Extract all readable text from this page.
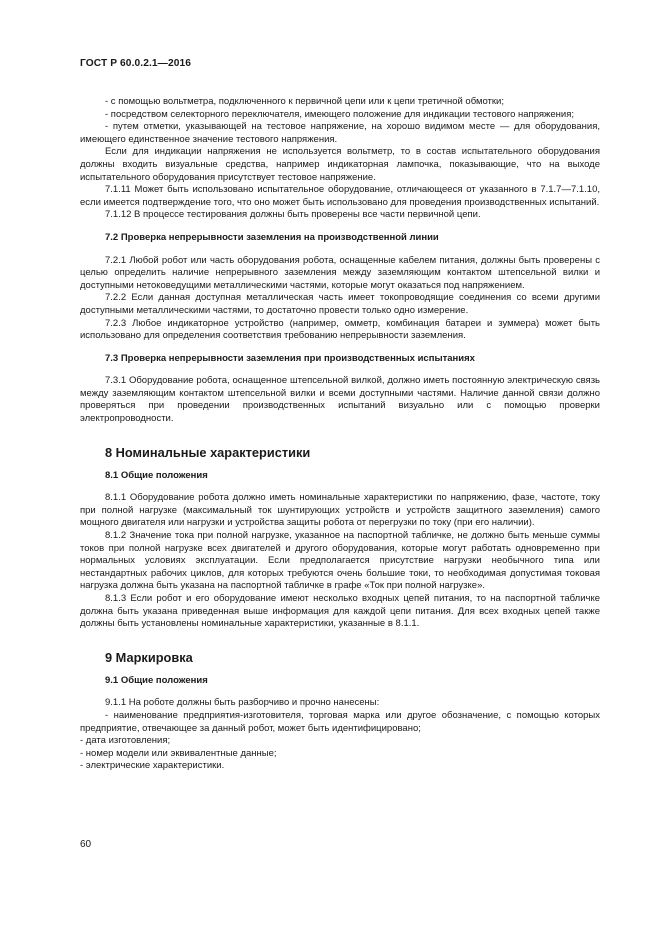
ГОСТ Р 60.0.2.1—2016

- с помощью вольтметра, подключенного к первичной цепи или к цепи третичной обмотки;

- посредством селекторного переключателя, имеющего положение для индикации тестового напряжения;

- путем отметки, указывающей на тестовое напряжение, на хорошо видимом месте — для оборудования, имеющего единственное значение тестового напряжения.

Если для индикации напряжения не используется вольтметр, то в состав испытательного оборудования должны входить визуальные средства, например индикаторная лампочка, показывающие, что на выходе испытательного оборудования присутствует тестовое напряжение.

7.1.11 Может быть использовано испытательное оборудование, отличающееся от указанного в 7.1.7—7.1.10, если имеется подтверждение того, что оно может быть использовано для проведения производственных испытаний.

7.1.12 В процессе тестирования должны быть проверены все части первичной цепи.

7.2 Проверка непрерывности заземления на производственной линии

7.2.1 Любой робот или часть оборудования робота, оснащенные кабелем питания, должны быть проверены с целью определить наличие непрерывного заземления между заземляющим контактом штепсельной вилки и доступными нетоковедущими металлическими частями, которые могут оказаться под напряжением.

7.2.2 Если данная доступная металлическая часть имеет токопроводящие соединения со всеми другими доступными металлическими частями, то достаточно провести только одно измерение.

7.2.3 Любое индикаторное устройство (например, омметр, комбинация батареи и зуммера) может быть использовано для определения соответствия требованию непрерывности заземления.

7.3 Проверка непрерывности заземления при производственных испытаниях

7.3.1 Оборудование робота, оснащенное штепсельной вилкой, должно иметь постоянную электрическую связь между заземляющим контактом штепсельной вилки и всеми доступными частями. Наличие данной связи должно проверяться при проведении производственных испытаний визуально или с помощью проверки электропроводности.

8 Номинальные характеристики
8.1 Общие положения

8.1.1 Оборудование робота должно иметь номинальные характеристики по напряжению, фазе, частоте, току при полной нагрузке (максимальный ток шунтирующих устройств и устройств защитного заземления) самого мощного двигателя или нагрузки и устройства защиты робота от перегрузки по току (при его наличии).

8.1.2 Значение тока при полной нагрузке, указанное на паспортной табличке, не должно быть меньше суммы токов при полной нагрузке всех двигателей и другого оборудования, которые могут работать одновременно при нормальных условиях эксплуатации. Если предполагается присутствие нагрузки необычного типа или нестандартных рабочих циклов, для которых требуются очень большие токи, то необходимая допустимая токовая нагрузка должна быть указана на паспортной табличке в графе «Ток при полной нагрузке».

8.1.3 Если робот и его оборудование имеют несколько входных цепей питания, то на паспортной табличке должна быть указана приведенная выше информация для каждой цепи питания. Для всех входных цепей также должны быть установлены номинальные характеристики, указанные в 8.1.1.

9 Маркировка
9.1 Общие положения

9.1.1 На роботе должны быть разборчиво и прочно нанесены:

- наименование предприятия-изготовителя, торговая марка или другое обозначение, с помощью которых предприятие, отвечающее за данный робот, может быть идентифицировано;

- дата изготовления;

- номер модели или эквивалентные данные;

- электрические характеристики.

60
